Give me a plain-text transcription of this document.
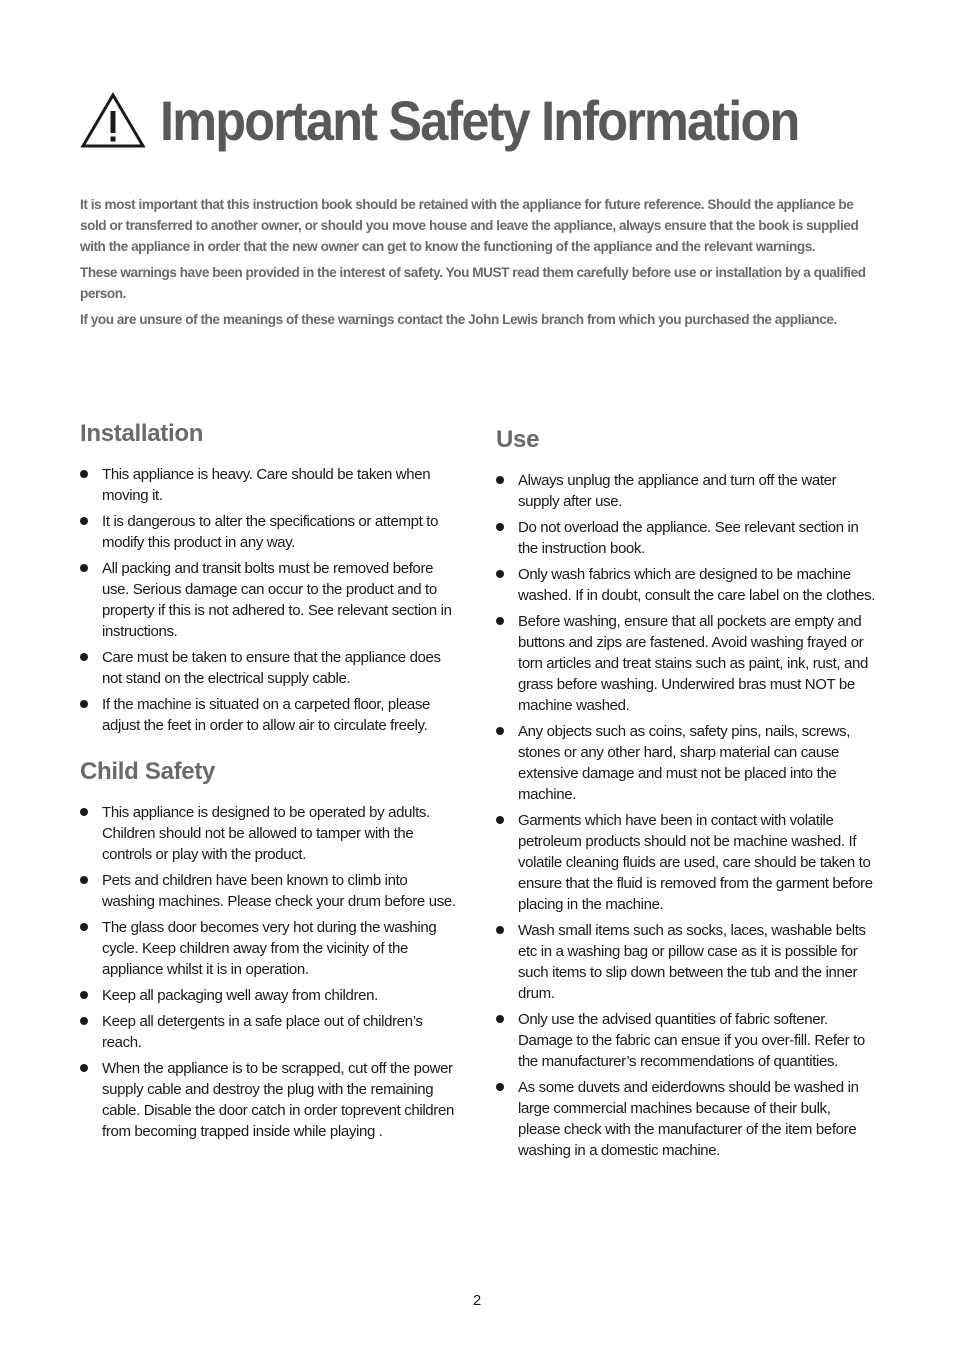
Important Safety Information

It is most important that this instruction book should be retained with the appliance for future reference. Should the appliance be sold or transferred to another owner, or should you move house and leave the appliance, always ensure that the book is supplied with the appliance in order that the new owner can get to know the functioning of the appliance and the relevant warnings.

These warnings have been provided in the interest of safety. You MUST read them carefully before use or installation by a qualified person.

If you are unsure of the meanings of these warnings contact the John Lewis branch from which you purchased the appliance.

Installation
This appliance is heavy. Care should be taken when moving it.
It is dangerous to alter the specifications or attempt to modify this product in any way.
All packing and transit bolts must be removed before use. Serious damage can occur to the product and to property if this is not adhered to. See relevant section in instructions.
Care must be taken to ensure that the appliance does not stand on the electrical supply cable.
If the machine is situated on a carpeted floor, please adjust the feet in order to allow air to circulate freely.
Child Safety
This appliance is designed to be operated by adults. Children should not be allowed to tamper with the controls or play with the product.
Pets and children have been known to climb into washing machines. Please check your drum before use.
The glass door becomes very hot during the washing cycle. Keep children away from the vicinity of the appliance whilst it is in operation.
Keep all packaging well away from children.
Keep all detergents in a safe place out of children’s reach.
When the appliance is to be scrapped, cut off the power supply cable and destroy the plug with the remaining cable. Disable the door catch in order toprevent children from becoming trapped inside while playing .
Use
Always unplug the appliance and turn off the water supply after use.
Do not overload the appliance. See relevant section in the instruction book.
Only wash fabrics which are designed to be machine washed. If in doubt, consult the care label on the clothes.
Before washing, ensure that all pockets are empty and buttons and zips are fastened. Avoid washing frayed or torn articles and treat stains such as paint, ink, rust, and grass before washing. Underwired bras must NOT be machine washed.
Any objects such as coins, safety pins, nails, screws, stones or any other hard, sharp material can cause extensive damage and must not be placed into the machine.
Garments which have been in contact with volatile petroleum products should not be machine washed. If volatile cleaning fluids are used, care should be taken to ensure that the fluid is removed from the garment before placing in the machine.
Wash small items such as socks, laces, washable belts etc in a washing bag or pillow case as it is possible for such items to slip down between the tub and the inner drum.
Only use the advised quantities of fabric softener. Damage to the fabric can ensue if you over-fill. Refer to the manufacturer’s recommendations of quantities.
As some duvets and eiderdowns should be washed in large commercial machines because of their bulk, please check with the manufacturer of the item before washing in a domestic machine.
2
